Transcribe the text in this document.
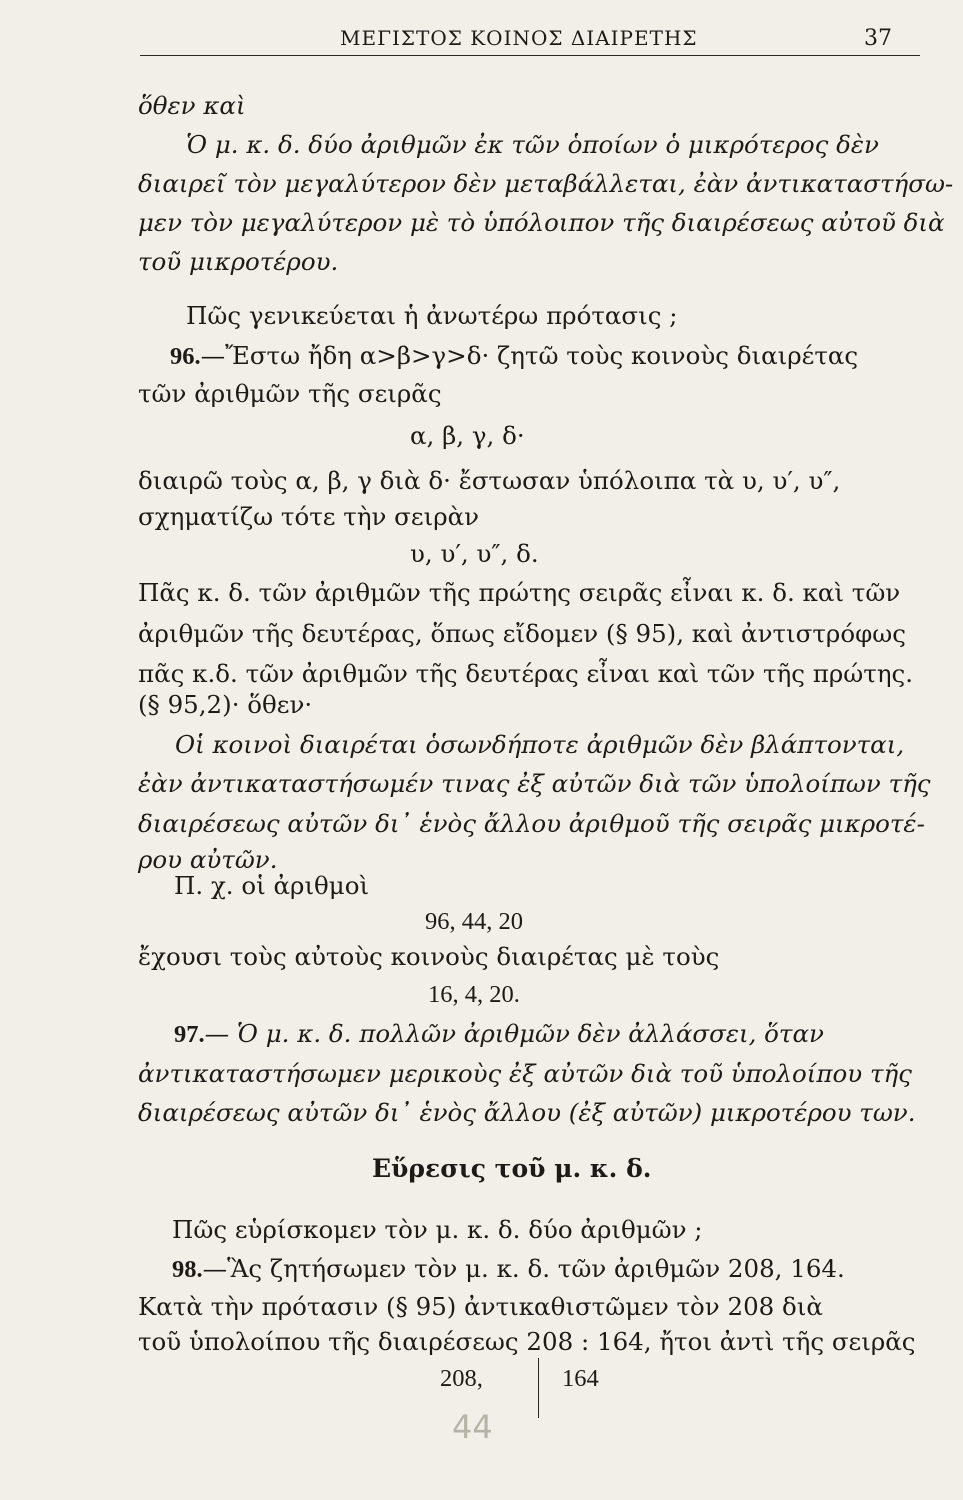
ΜΕΓΙΣΤΟΣ ΚΟΙΝΟΣ ΔΙΑΙΡΕΤΗΣ	37
ὅθεν καὶ
Ὁ μ. κ. δ. δύο ἀριθμῶν ἐκ τῶν ὁποίων ὁ μικρότερος δὲν
διαιρεῖ τὸν μεγαλύτερον δὲν μεταβάλλεται, ἐὰν ἀντικαταστήσω-
μεν τὸν μεγαλύτερον μὲ τὸ ὑπόλοιπον τῆς διαιρέσεως αὐτοῦ διὰ
τοῦ μικροτέρου.
Πῶς γενικεύεται ἡ ἀνωτέρω πρότασις ;
96.—Ἔστω ἤδη α>β>γ>δ· ζητῶ τοὺς κοινοὺς διαιρέτας
τῶν ἀριθμῶν τῆς σειρᾶς
α, β, γ, δ·
διαιρῶ τοὺς α, β, γ διὰ δ· ἔστωσαν ὑπόλοιπα τὰ υ, υ′, υ″,
σχηματίζω τότε τὴν σειρὰν
υ, υ′, υ″, δ.
Πᾶς κ. δ. τῶν ἀριθμῶν τῆς πρώτης σειρᾶς εἶναι κ. δ. καὶ τῶν
ἀριθμῶν τῆς δευτέρας, ὅπως εἴδομεν (§ 95), καὶ ἀντιστρόφως
πᾶς κ.δ. τῶν ἀριθμῶν τῆς δευτέρας εἶναι καὶ τῶν τῆς πρώτης.
(§ 95,2)· ὅθεν·
Οἱ κοινοὶ διαιρέται ὁσωνδήποτε ἀριθμῶν δὲν βλάπτονται,
ἐὰν ἀντικαταστήσωμέν τινας ἐξ αὐτῶν διὰ τῶν ὑπολοίπων τῆς
διαιρέσεως αὐτῶν δι᾽ ἑνὸς ἄλλου ἀριθμοῦ τῆς σειρᾶς μικροτέ-
ρου αὐτῶν.
Π. χ. οἱ ἀριθμοὶ
96, 44, 20
ἔχουσι τοὺς αὐτοὺς κοινοὺς διαιρέτας μὲ τοὺς
16, 4, 20.
97.— Ὁ μ. κ. δ. πολλῶν ἀριθμῶν δὲν ἀλλάσσει, ὅταν
ἀντικαταστήσωμεν μερικοὺς ἐξ αὐτῶν διὰ τοῦ ὑπολοίπου τῆς
διαιρέσεως αὐτῶν δι᾽ ἑνὸς ἄλλου (ἐξ αὐτῶν) μικροτέρου των.
Εὕρεσις τοῦ μ. κ. δ.
Πῶς εὑρίσκομεν τὸν μ. κ. δ. δύο ἀριθμῶν ;
98.—Ἃς ζητήσωμεν τὸν μ. κ. δ. τῶν ἀριθμῶν 208, 164.
Κατὰ τὴν πρότασιν (§ 95) ἀντικαθιστῶμεν τὸν 208 διὰ
τοῦ ὑπολοίπου τῆς διαιρέσεως 208 : 164, ἤτοι ἀντὶ τῆς σειρᾶς
208,	164
44
